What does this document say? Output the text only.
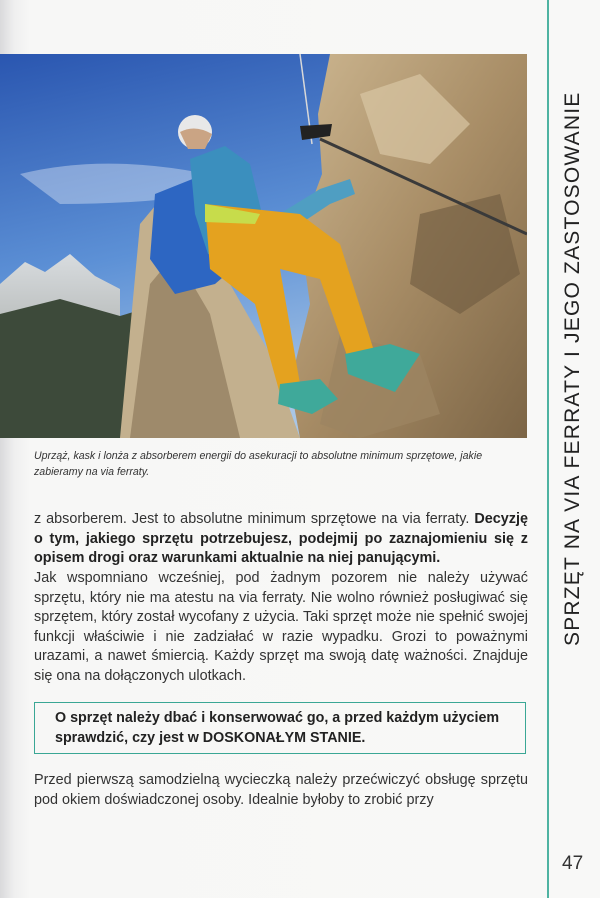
Uprząż, kask i lonża z absorberem energii do asekuracji to absolutne minimum sprzętowe, jakie
zabieramy na via ferraty.

z absorberem. Jest to absolutne minimum sprzętowe na via ferraty. Decyzję o tym, jakiego sprzętu potrzebujesz, podejmij po zaznajomieniu się z opisem drogi oraz warunkami aktualnie na niej panującymi.

Jak wspomniano wcześniej, pod żadnym pozorem nie należy używać sprzętu, który nie ma atestu na via ferraty. Nie wolno również posługiwać się sprzętem, który został wycofany z użycia. Taki sprzęt może nie spełnić swojej funkcji właściwie i nie zadziałać w razie wypadku. Grozi to poważnymi urazami, a nawet śmiercią. Każdy sprzęt ma swoją datę ważności. Znajduje się ona na dołączonych ulotkach.

O sprzęt należy dbać i konserwować go, a przed każdym użyciem sprawdzić, czy jest w DOSKONAŁYM STANIE.

Przed pierwszą samodzielną wycieczką należy przećwiczyć obsługę sprzętu pod okiem doświadczonej osoby. Idealnie byłoby to zrobić przy

SPRZĘT NA VIA FERRATY I JEGO ZASTOSOWANIE
47
